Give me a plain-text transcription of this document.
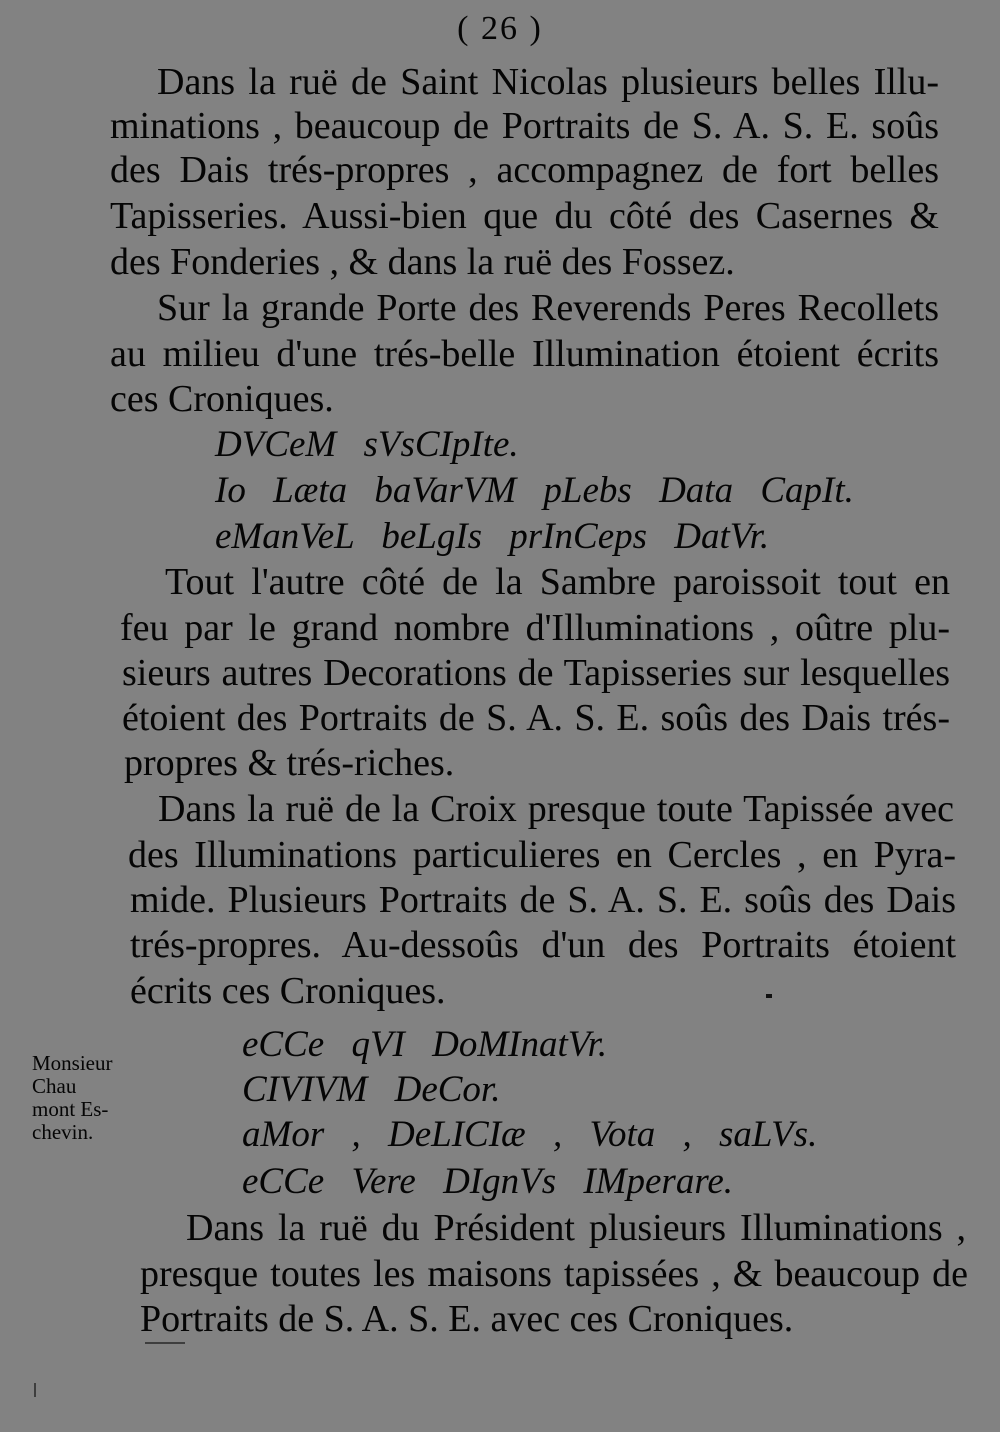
( 26 )
Dans la ruë de Saint Nicolas plusieurs belles Illu-
minations , beaucoup de Portraits de S. A. S. E. soûs
des Dais trés-propres , accompagnez de fort belles
Tapisseries. Aussi-bien que du côté des Casernes &
des Fonderies , & dans la ruë des Fossez.
Sur la grande Porte des Reverends Peres Recollets
au milieu d'une trés-belle Illumination étoient écrits
ces Croniques.
DVCeM sVsCIpIte.
Io Læta baVarVM pLebs Data CapIt.
eManVeL beLgIs prInCeps DatVr.
Tout l'autre côté de la Sambre paroissoit tout en
feu par le grand nombre d'Illuminations , oûtre plu-
sieurs autres Decorations de Tapisseries sur lesquelles
étoient des Portraits de S. A. S. E. soûs des Dais trés-
propres & trés-riches.
Dans la ruë de la Croix presque toute Tapissée avec
des Illuminations particulieres en Cercles , en Pyra-
mide. Plusieurs Portraits de S. A. S. E. soûs des Dais
trés-propres. Au-dessoûs d'un des Portraits étoient
écrits ces Croniques.
Monsieur
Chau
mont Es-
chevin.
eCCe qVI DoMInatVr.
CIVIVM DeCor.
aMor , DeLICIæ , Vota , saLVs.
eCCe Vere DIgnVs IMperare.
Dans la ruë du Président plusieurs Illuminations ,
presque toutes les maisons tapissées , & beaucoup de
Portraits de S. A. S. E. avec ces Croniques.
